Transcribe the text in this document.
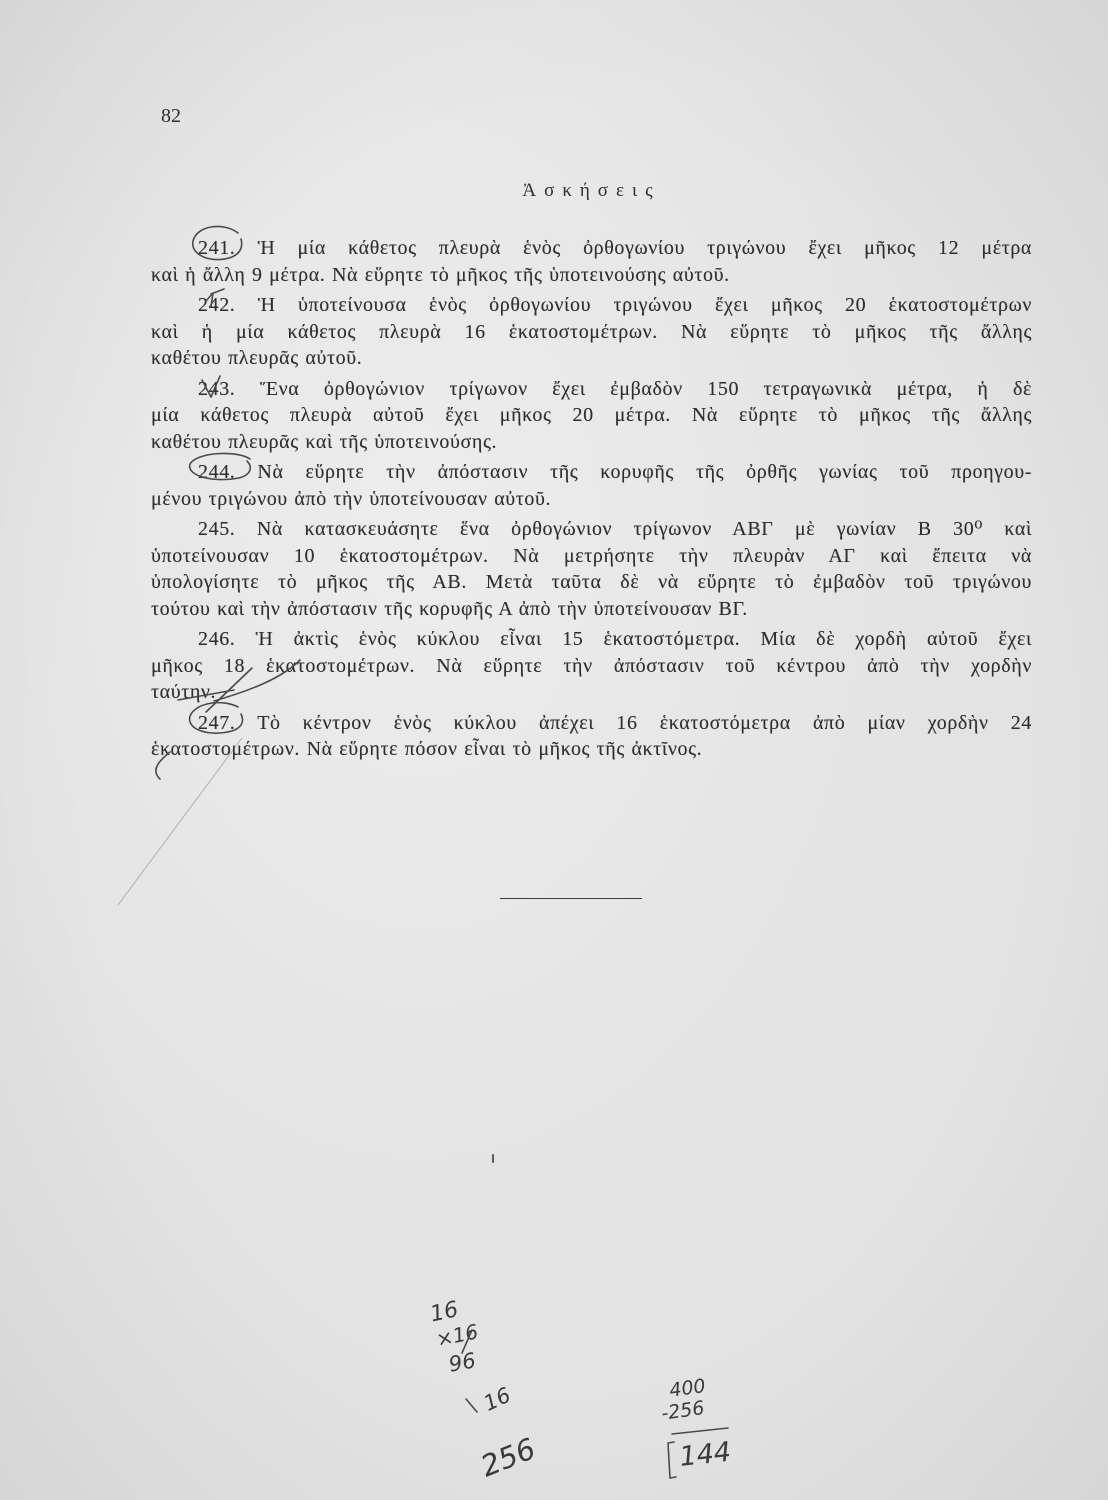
82
Ἀσκήσεις
241. Ἡ μία κάθετος πλευρὰ ἑνὸς ὀρθογωνίου τριγώνου ἔχει μῆκος 12 μέτρα
καὶ ἡ ἄλλη 9 μέτρα. Νὰ εὕρητε τὸ μῆκος τῆς ὑποτεινούσης αὐτοῦ.
242. Ἡ ὑποτείνουσα ἑνὸς ὀρθογωνίου τριγώνου ἔχει μῆκος 20 ἑκατοστομέτρων
καὶ ἡ μία κάθετος πλευρὰ 16 ἑκατοστομέτρων. Νὰ εὕρητε τὸ μῆκος τῆς ἄλλης
καθέτου πλευρᾶς αὐτοῦ.
243. Ἕνα ὀρθογώνιον τρίγωνον ἔχει ἐμβαδὸν 150 τετραγωνικὰ μέτρα, ἡ δὲ
μία κάθετος πλευρὰ αὐτοῦ ἔχει μῆκος 20 μέτρα. Νὰ εὕρητε τὸ μῆκος τῆς ἄλλης
καθέτου πλευρᾶς καὶ τῆς ὑποτεινούσης.
244. Νὰ εὕρητε τὴν ἀπόστασιν τῆς κορυφῆς τῆς ὀρθῆς γωνίας τοῦ προηγου-
μένου τριγώνου ἀπὸ τὴν ὑποτείνουσαν αὐτοῦ.
245. Νὰ κατασκευάσητε ἕνα ὀρθογώνιον τρίγωνον ΑΒΓ μὲ γωνίαν Β 30⁰ καὶ
ὑποτείνουσαν 10 ἑκατοστομέτρων. Νὰ μετρήσητε τὴν πλευρὰν ΑΓ καὶ ἔπειτα νὰ
ὑπολογίσητε τὸ μῆκος τῆς ΑΒ. Μετὰ ταῦτα δὲ νὰ εὕρητε τὸ ἐμβαδὸν τοῦ τριγώνου
τούτου καὶ τὴν ἀπόστασιν τῆς κορυφῆς Α ἀπὸ τὴν ὑποτείνουσαν ΒΓ.
246. Ἡ ἀκτὶς ἑνὸς κύκλου εἶναι 15 ἑκατοστόμετρα. Μία δὲ χορδὴ αὐτοῦ ἔχει
μῆκος 18 ἑκατοστομέτρων. Νὰ εὕρητε τὴν ἀπόστασιν τοῦ κέντρου ἀπὸ τὴν χορδὴν
ταύτην.
247. Τὸ κέντρον ἑνὸς κύκλου ἀπέχει 16 ἑκατοστόμετρα ἀπὸ μίαν χορδὴν 24
ἑκατοστομέτρων. Νὰ εὕρητε πόσον εἶναι τὸ μῆκος τῆς ἀκτῖνος.
16
×16
96
16
256
400
-256
144
